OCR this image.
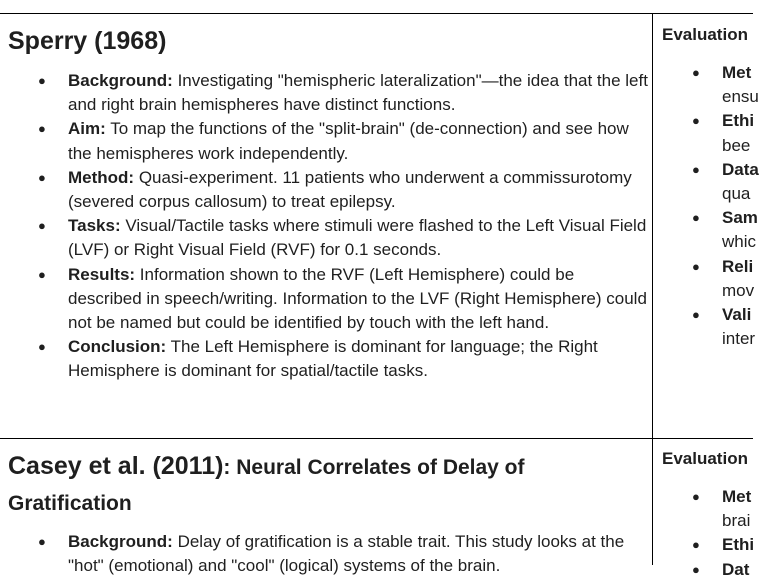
Sperry (1968)
● Background: Investigating "hemispheric lateralization"—the idea that the left and right brain hemispheres have distinct functions.
● Aim: To map the functions of the "split-brain" (de-connection) and see how the hemispheres work independently.
● Method: Quasi-experiment. 11 patients who underwent a commissurotomy (severed corpus callosum) to treat epilepsy.
● Tasks: Visual/Tactile tasks where stimuli were flashed to the Left Visual Field (LVF) or Right Visual Field (RVF) for 0.1 seconds.
● Results: Information shown to the RVF (Left Hemisphere) could be described in speech/writing. Information to the LVF (Right Hemisphere) could not be named but could be identified by touch with the left hand.
● Conclusion: The Left Hemisphere is dominant for language; the Right Hemisphere is dominant for spatial/tactile tasks.
Evaluation
● Met
ensu
● Ethi
bee
● Data
qua
● Sam
whic
● Reli
mov
● Vali
inter
Casey et al. (2011): Neural Correlates of Delay of Gratification
● Background: Delay of gratification is a stable trait. This study looks at the "hot" (emotional) and "cool" (logical) systems of the brain.
Evaluation
● Met
brai
● Ethi
● Dat
